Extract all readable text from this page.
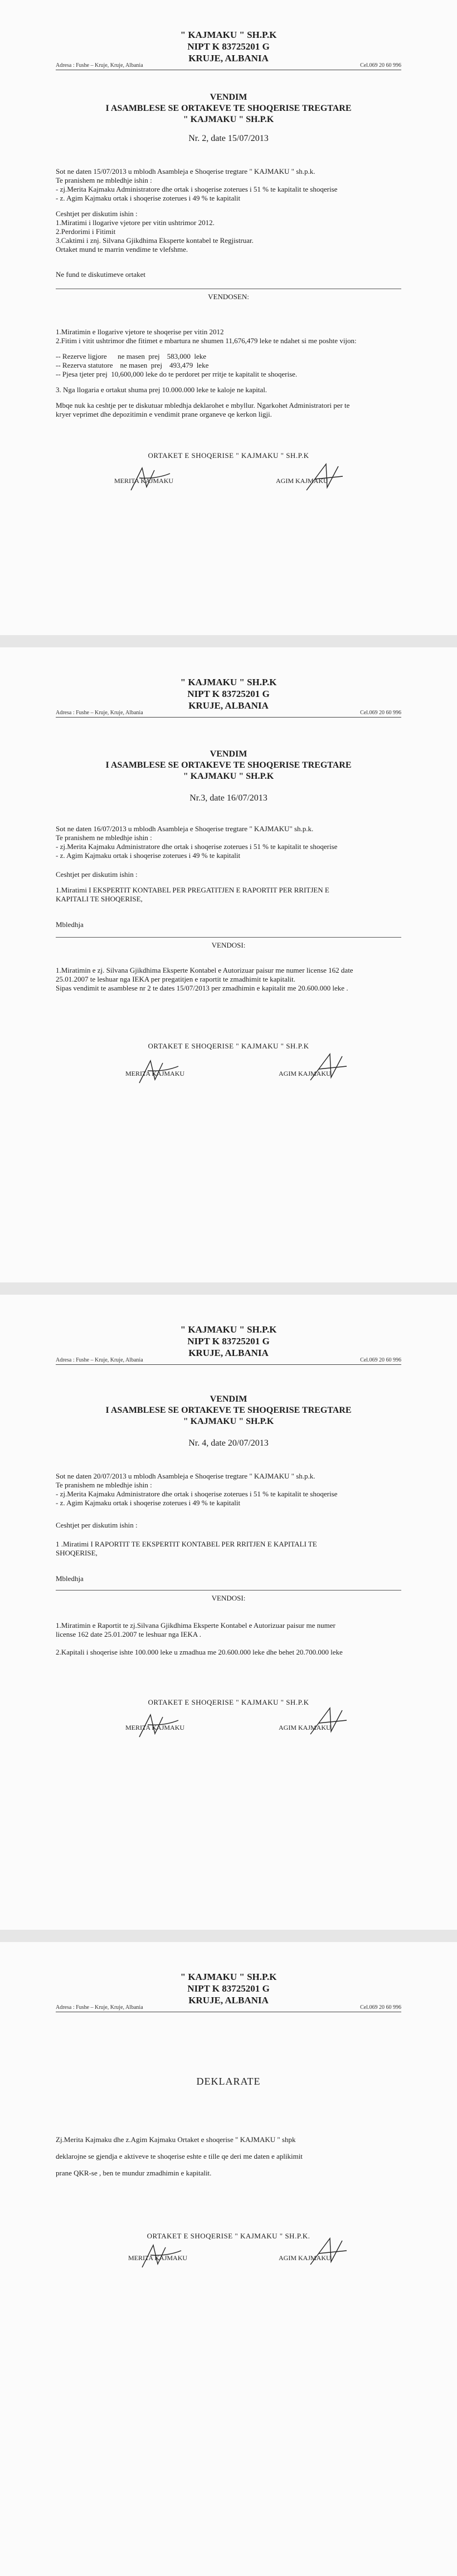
" KAJMAKU " SH.P.K
NIPT K 83725201 G
KRUJE, ALBANIA
Adresa : Fushe – Kruje, Kruje, Albania	Cel.069 20 60 996
VENDIM
I ASAMBLESE SE ORTAKEVE TE SHOQERISE TREGTARE
" KAJMAKU " SH.P.K
Nr. 2, date 15/07/2013
Sot ne daten 15/07/2013 u mblodh Asambleja e Shoqerise tregtare " KAJMAKU " sh.p.k.
Te pranishem ne mbledhje ishin :
- zj.Merita Kajmaku Administratore dhe ortak i shoqerise zoterues i 51 % te kapitalit te shoqerise
- z. Agim Kajmaku ortak i shoqerise zoterues i 49 % te kapitalit
Ceshtjet per diskutim ishin :
1.Miratimi i llogarive vjetore per vitin ushtrimor 2012.
2.Perdorimi i Fitimit
3.Caktimi i znj. Silvana Gjikdhima Eksperte kontabel te Regjistruar.
Ortaket mund te marrin vendime te vlefshme.
Ne fund te diskutimeve ortaket
VENDOSEN:
1.Miratimin e llogarive vjetore te shoqerise per vitin 2012
2.Fitim i vitit ushtrimor dhe fitimet e mbartura ne shumen 11,676,479 leke te ndahet si me poshte vijon:
-- Rezerve ligjore      ne masen  prej    583,000  leke
-- Rezerva statutore    ne masen  prej    493,479  leke
-- Pjesa tjeter prej  10,600,000 leke do te perdoret per rritje te kapitalit te shoqerise.
3. Nga llogaria e ortakut shuma prej 10.000.000 leke te kaloje ne kapital.
Mbqe nuk ka ceshtje per te diskutuar mbledhja deklarohet e mbyllur. Ngarkohet Administratori per te
kryer veprimet dhe depozitimin e vendimit prane organeve qe kerkon ligji.
ORTAKET E SHOQERISE " KAJMAKU " SH.P.K
MERITA KAJMAKU	AGIM KAJMAKU
" KAJMAKU " SH.P.K
NIPT K 83725201 G
KRUJE, ALBANIA
Adresa : Fushe – Kruje, Kruje, Albania	Cel.069 20 60 996
VENDIM
I ASAMBLESE SE ORTAKEVE TE SHOQERISE TREGTARE
" KAJMAKU " SH.P.K
Nr.3, date 16/07/2013
Sot ne daten 16/07/2013 u mblodh Asambleja e Shoqerise tregtare " KAJMAKU" sh.p.k.
Te pranishem ne mbledhje ishin :
- zj.Merita Kajmaku Administratore dhe ortak i shoqerise zoterues i 51 % te kapitalit te shoqerise
- z. Agim Kajmaku ortak i shoqerise zoterues i 49 % te kapitalit
Ceshtjet per diskutim ishin :
1.Miratimi I EKSPERTIT KONTABEL PER PREGATITJEN E RAPORTIT PER RRITJEN E
KAPITALI TE SHOQERISE,
Mbledhja
VENDOSI:
1.Miratimin e zj. Silvana Gjikdhima Eksperte Kontabel e Autorizuar paisur me numer license 162 date
25.01.2007 te leshuar nga IEKA per pregatitjen e raportit te zmadhimit te kapitalit.
Sipas vendimit te asamblese nr 2 te dates 15/07/2013 per zmadhimin e kapitalit me 20.600.000 leke .
ORTAKET E SHOQERISE " KAJMAKU " SH.P.K
MERITA KAJMAKU	AGIM KAJMAKU
" KAJMAKU " SH.P.K
NIPT K 83725201 G
KRUJE, ALBANIA
Adresa : Fushe – Kruje, Kruje, Albania	Cel.069 20 60 996
VENDIM
I ASAMBLESE SE ORTAKEVE TE SHOQERISE TREGTARE
" KAJMAKU " SH.P.K
Nr. 4, date 20/07/2013
Sot ne daten 20/07/2013 u mblodh Asambleja e Shoqerise tregtare " KAJMAKU " sh.p.k.
Te pranishem ne mbledhje ishin :
- zj.Merita Kajmaku Administratore dhe ortak i shoqerise zoterues i 51 % te kapitalit te shoqerise
- z. Agim Kajmaku ortak i shoqerise zoterues i 49 % te kapitalit
Ceshtjet per diskutim ishin :
1 .Miratimi I RAPORTIT TE EKSPERTIT KONTABEL PER RRITJEN E KAPITALI TE
SHOQERISE,
Mbledhja
VENDOSI:
1.Miratimin e Raportit te zj.Silvana Gjikdhima Eksperte Kontabel e Autorizuar paisur me numer
license 162 date 25.01.2007 te leshuar nga IEKA .
2.Kapitali i shoqerise ishte 100.000 leke u zmadhua me 20.600.000 leke dhe behet 20.700.000 leke
ORTAKET E SHOQERISE " KAJMAKU " SH.P.K
MERITA KAJMAKU	AGIM KAJMAKU
" KAJMAKU " SH.P.K
NIPT K 83725201 G
KRUJE, ALBANIA
Adresa : Fushe – Kruje, Kruje, Albania	Cel.069 20 60 996
DEKLARATE
Zj.Merita Kajmaku dhe z.Agim Kajmaku Ortaket e shoqerise " KAJMAKU " shpk
deklarojne se gjendja e aktiveve te shoqerise eshte e tille qe deri me daten e aplikimit
prane QKR-se , ben te mundur zmadhimin e kapitalit.
ORTAKET E SHOQERISE " KAJMAKU " SH.P.K.
MERITA KAJMAKU	AGIM KAJMAKU
